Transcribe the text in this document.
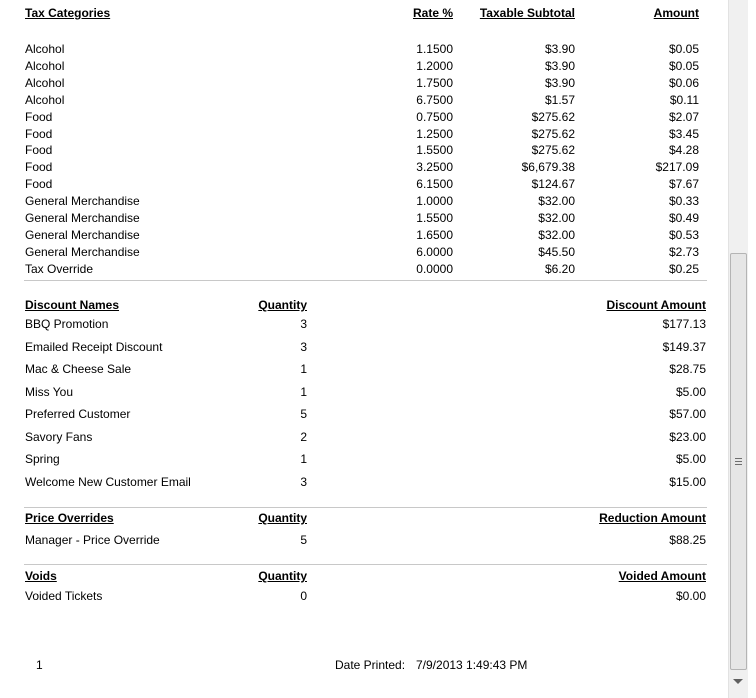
Tax Categories	Rate %	Taxable Subtotal	Amount
Alcohol	1.1500	$3.90	$0.05
Alcohol	1.2000	$3.90	$0.05
Alcohol	1.7500	$3.90	$0.06
Alcohol	6.7500	$1.57	$0.11
Food	0.7500	$275.62	$2.07
Food	1.2500	$275.62	$3.45
Food	1.5500	$275.62	$4.28
Food	3.2500	$6,679.38	$217.09
Food	6.1500	$124.67	$7.67
General Merchandise	1.0000	$32.00	$0.33
General Merchandise	1.5500	$32.00	$0.49
General Merchandise	1.6500	$32.00	$0.53
General Merchandise	6.0000	$45.50	$2.73
Tax Override	0.0000	$6.20	$0.25
Discount Names	Quantity	Discount Amount
BBQ Promotion	3	$177.13
Emailed Receipt Discount	3	$149.37
Mac & Cheese Sale	1	$28.75
Miss You	1	$5.00
Preferred Customer	5	$57.00
Savory Fans	2	$23.00
Spring	1	$5.00
Welcome New Customer Email	3	$15.00
Price Overrides	Quantity	Reduction Amount
Manager - Price Override	5	$88.25
Voids	Quantity	Voided Amount
Voided Tickets	0	$0.00
1	Date Printed: 7/9/2013 1:49:43 PM
